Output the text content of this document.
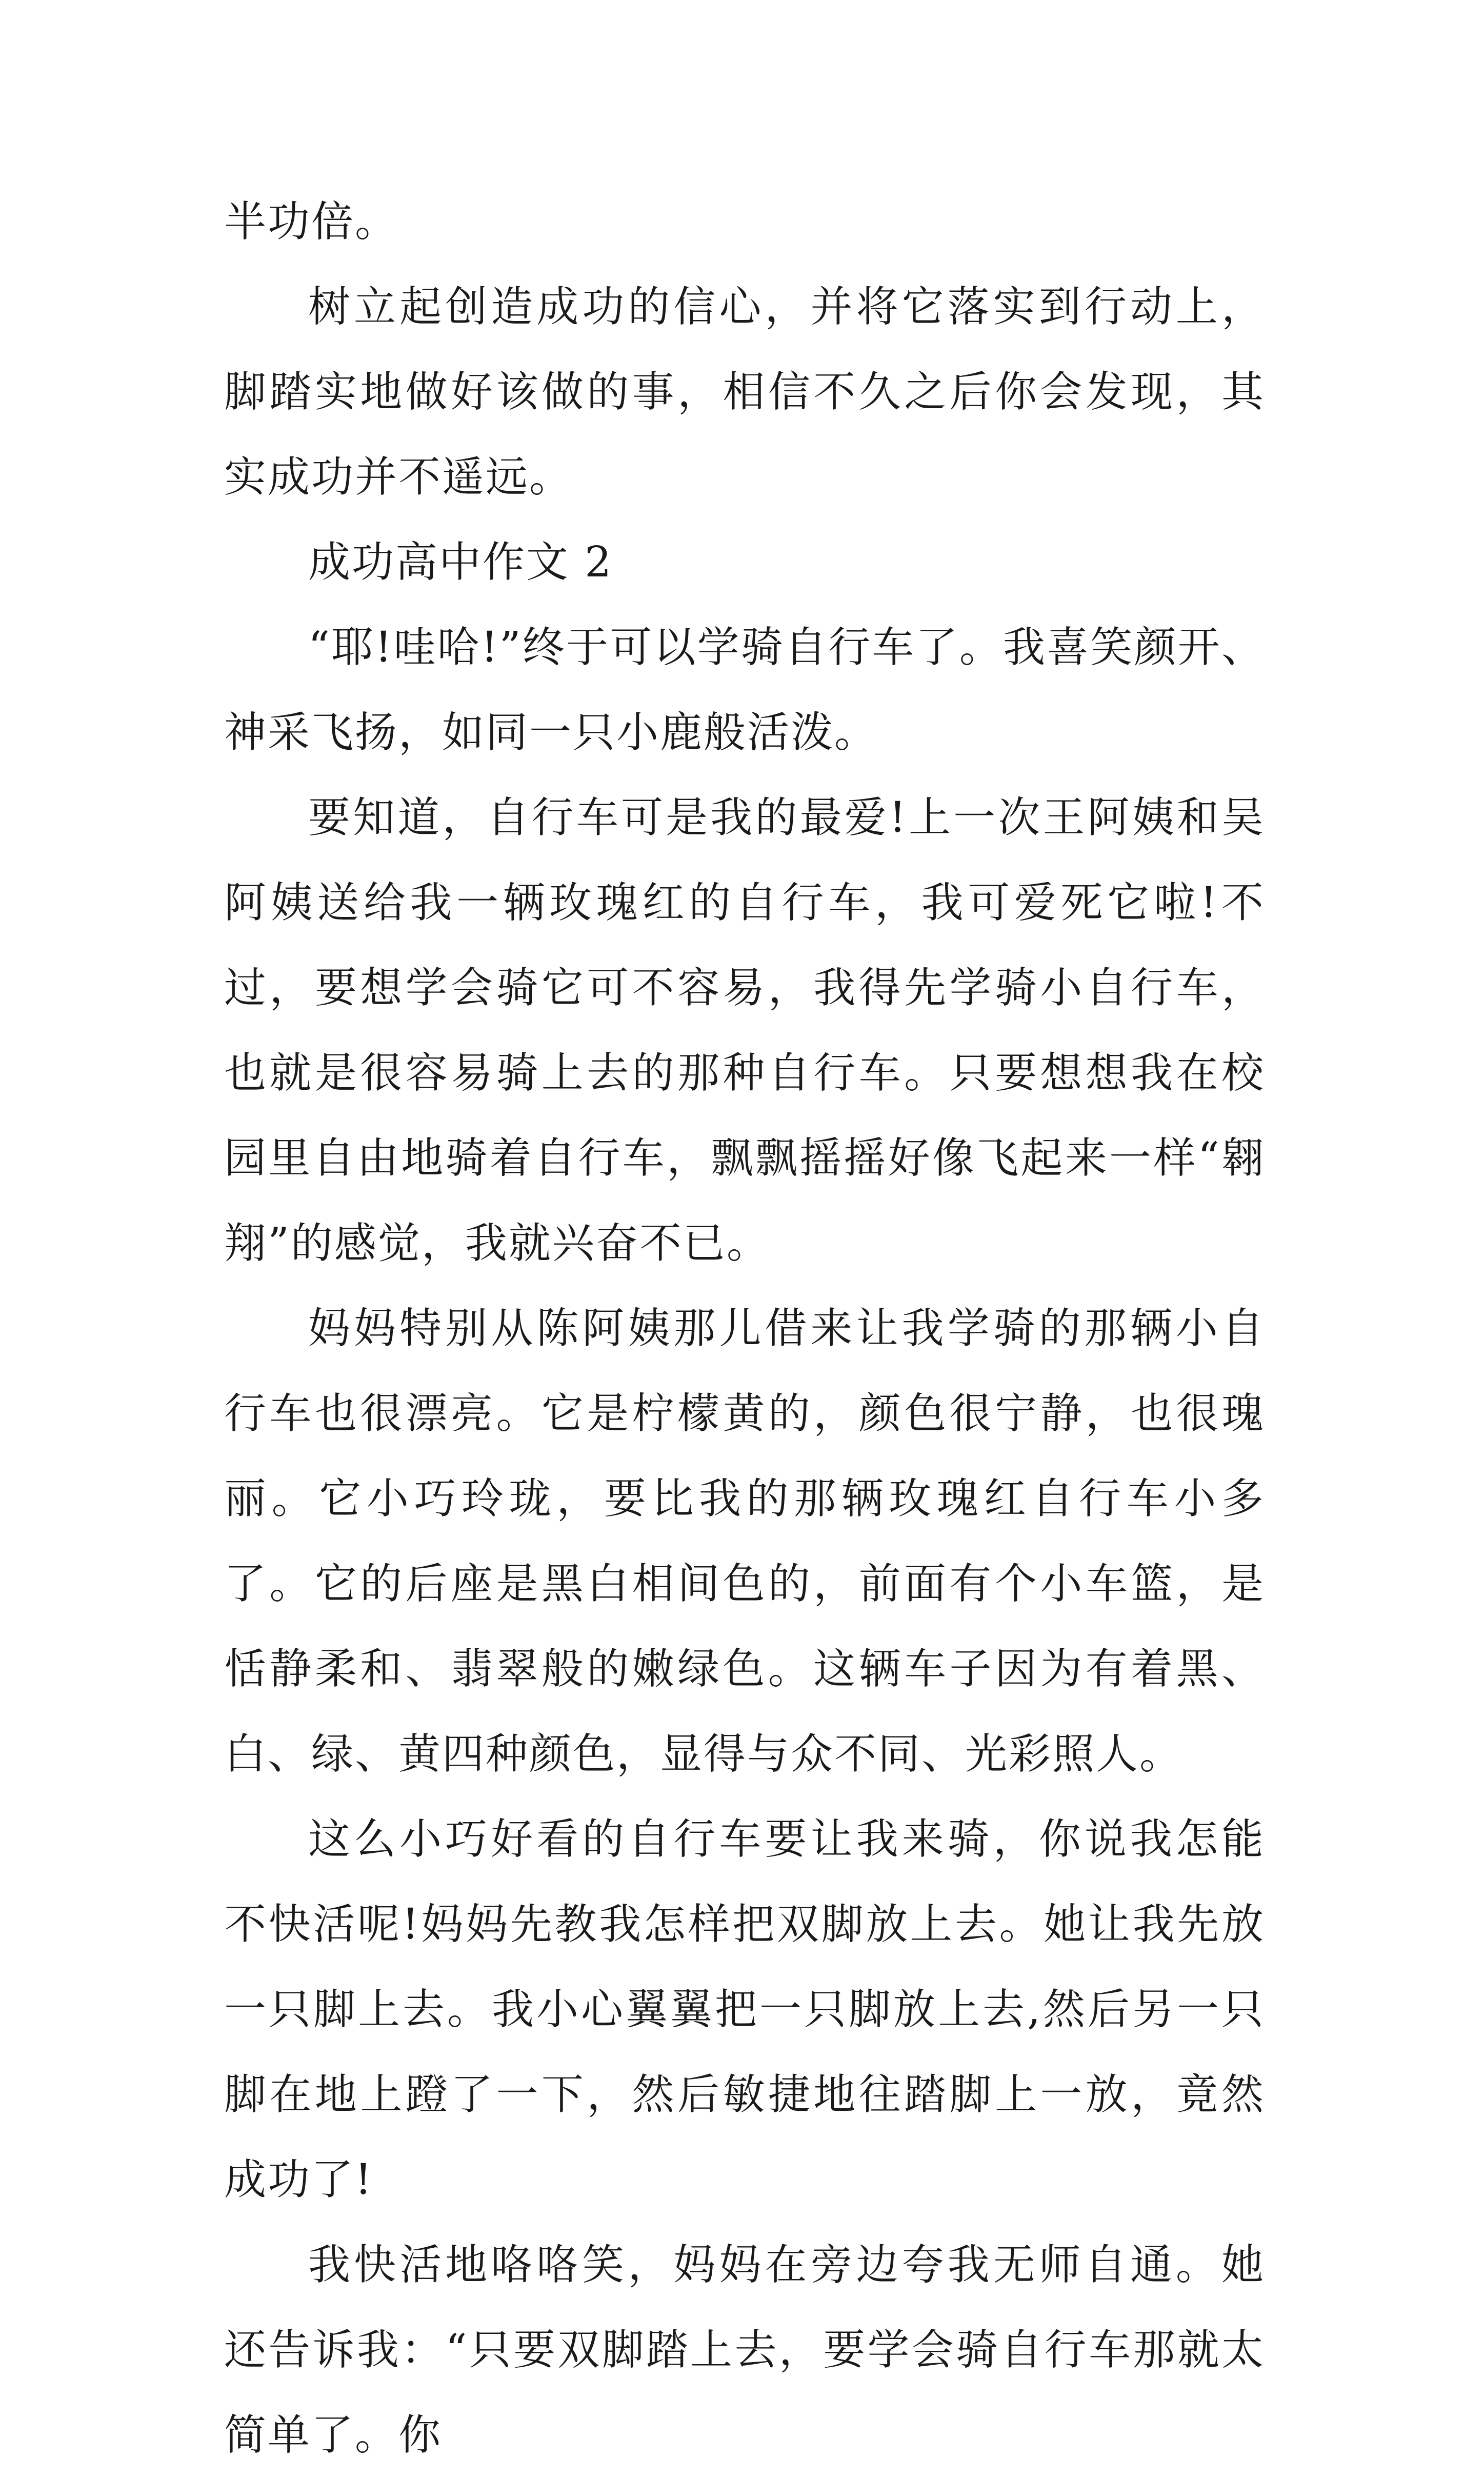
半功倍。

树立起创造成功的信心，并将它落实到行动上，脚踏实地做好该做的事，相信不久之后你会发现，其实成功并不遥远。

成功高中作文 2

“耶!哇哈!”终于可以学骑自行车了。我喜笑颜开、神采飞扬，如同一只小鹿般活泼。

要知道，自行车可是我的最爱!上一次王阿姨和吴阿姨送给我一辆玫瑰红的自行车，我可爱死它啦!不过，要想学会骑它可不容易，我得先学骑小自行车，也就是很容易骑上去的那种自行车。只要想想我在校园里自由地骑着自行车，飘飘摇摇好像飞起来一样“翱翔”的感觉，我就兴奋不已。

妈妈特别从陈阿姨那儿借来让我学骑的那辆小自行车也很漂亮。它是柠檬黄的，颜色很宁静，也很瑰丽。它小巧玲珑，要比我的那辆玫瑰红自行车小多了。它的后座是黑白相间色的，前面有个小车篮，是恬静柔和、翡翠般的嫩绿色。这辆车子因为有着黑、白、绿、黄四种颜色，显得与众不同、光彩照人。

这么小巧好看的自行车要让我来骑，你说我怎能不快活呢!妈妈先教我怎样把双脚放上去。她让我先放一只脚上去。我小心翼翼把一只脚放上去,然后另一只脚在地上蹬了一下，然后敏捷地往踏脚上一放，竟然成功了!

我快活地咯咯笑，妈妈在旁边夸我无师自通。她还告诉我：“只要双脚踏上去，要学会骑自行车那就太简单了。你
